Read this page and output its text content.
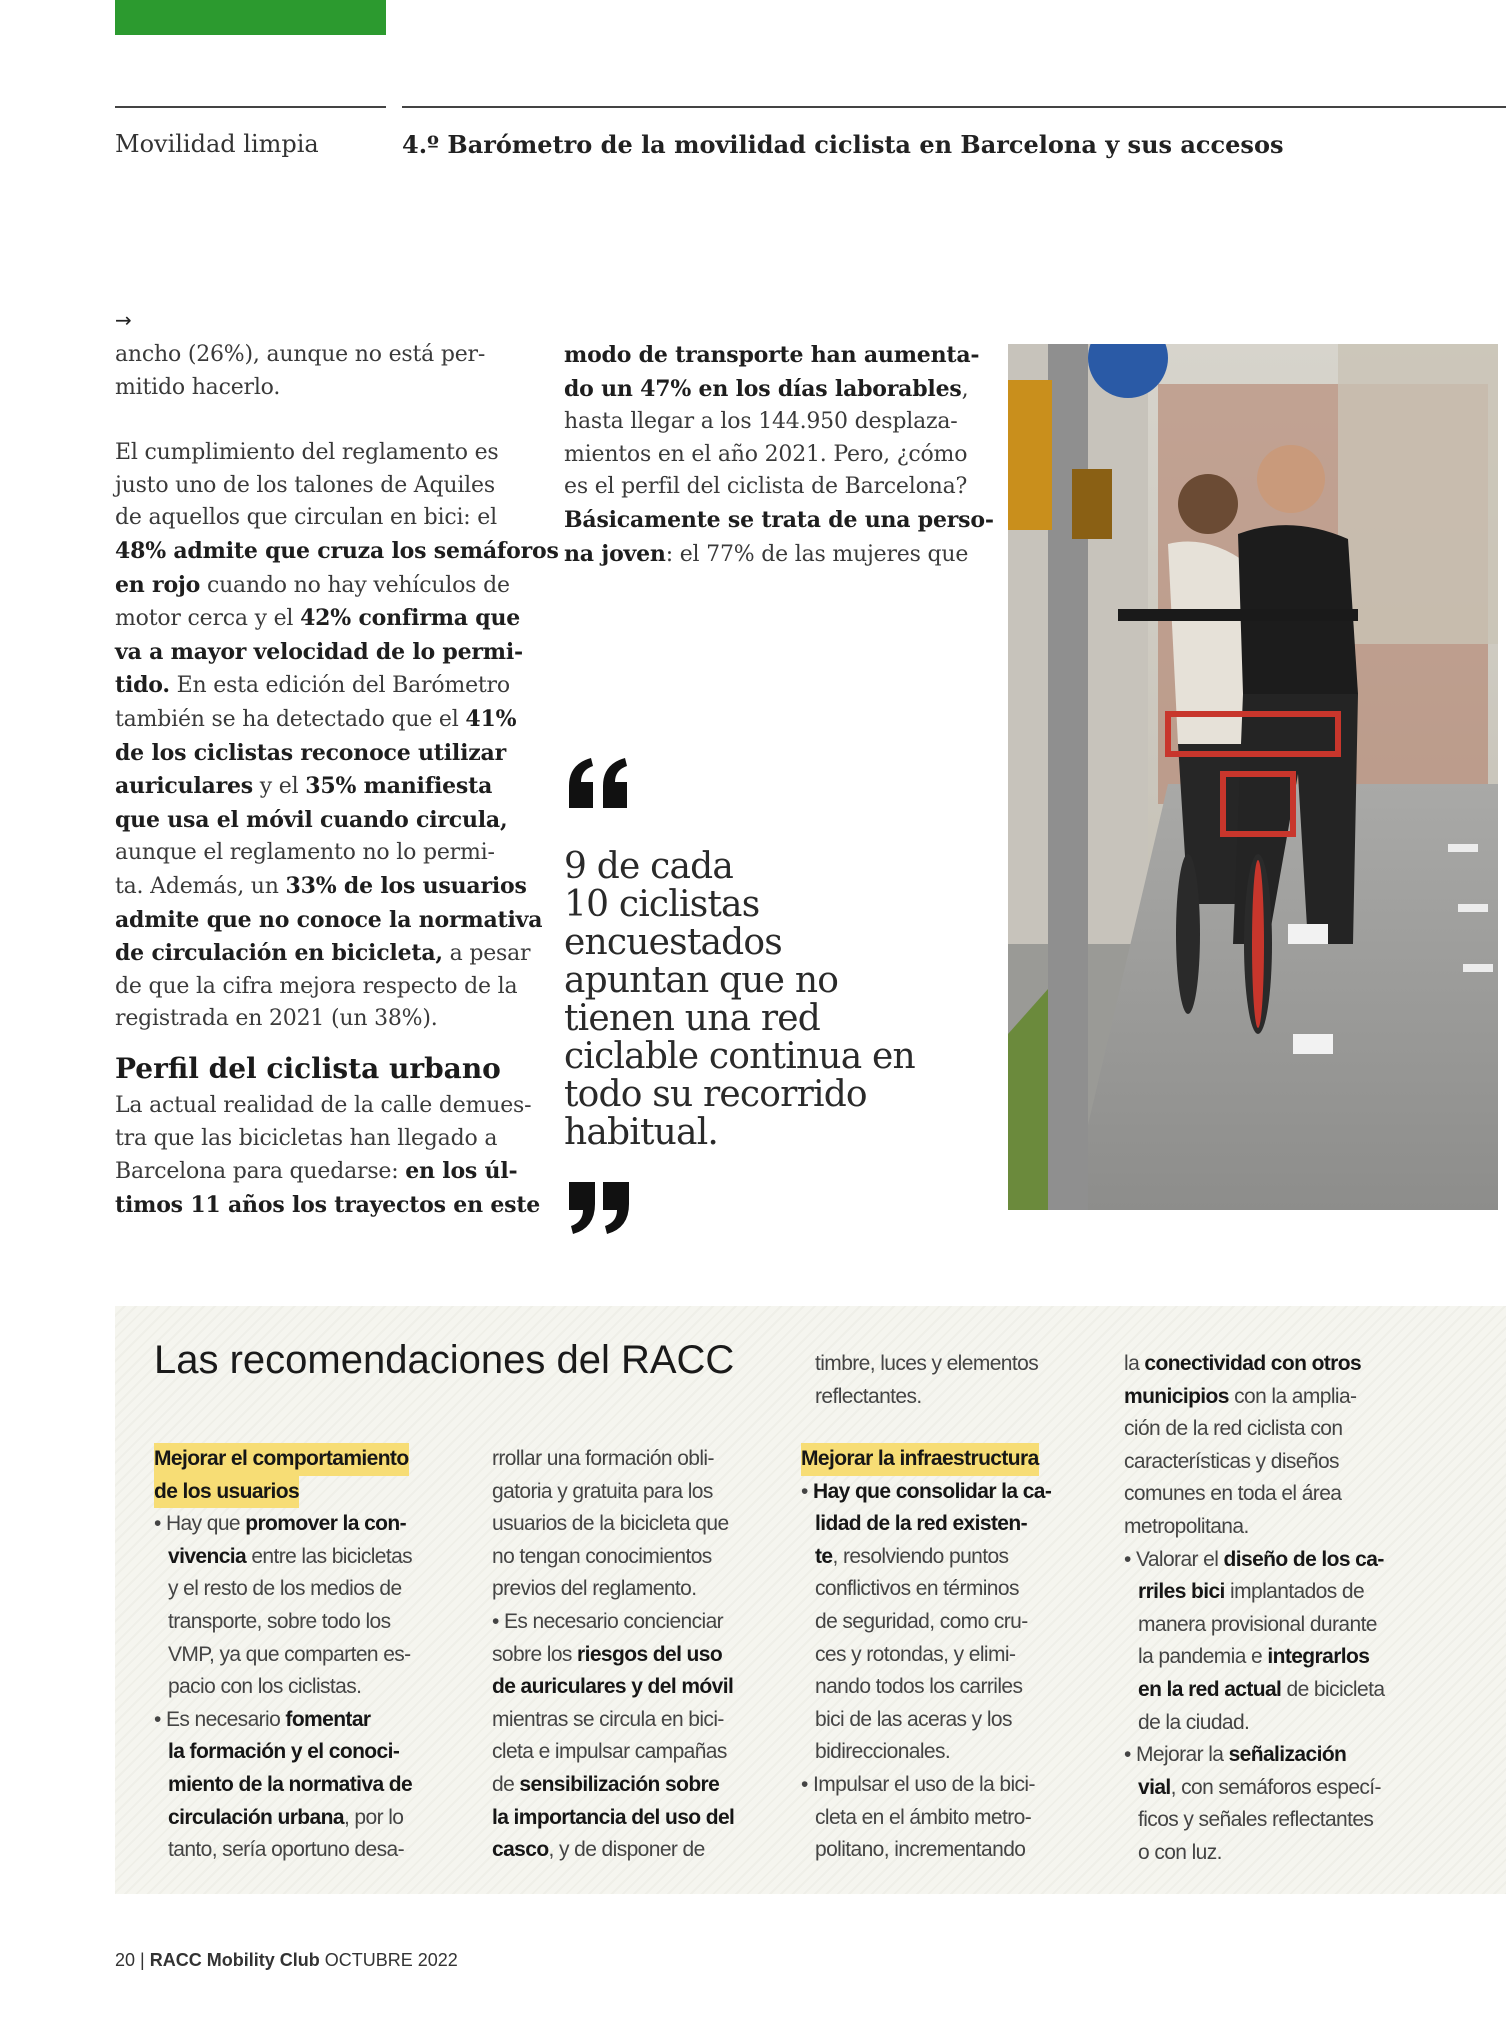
Movilidad limpia	4.º Barómetro de la movilidad ciclista en Barcelona y sus accesos
→

ancho (26%), aunque no está per-

mitido hacerlo.

El cumplimiento del reglamento es

justo uno de los talones de Aquiles

de aquellos que circulan en bici: el

48% admite que cruza los semáforos

en rojo cuando no hay vehículos de

motor cerca y el 42% confirma que

va a mayor velocidad de lo permi-

tido. En esta edición del Barómetro

también se ha detectado que el 41%

de los ciclistas reconoce utilizar

auriculares y el 35% manifiesta

que usa el móvil cuando circula,

aunque el reglamento no lo permi-

ta. Además, un 33% de los usuarios

admite que no conoce la normativa

de circulación en bicicleta, a pesar

de que la cifra mejora respecto de la

registrada en 2021 (un 38%).

Perfil del ciclista urbano

La actual realidad de la calle demues-

tra que las bicicletas han llegado a

Barcelona para quedarse: en los úl-

timos 11 años los trayectos en este

modo de transporte han aumenta-

do un 47% en los días laborables,

hasta llegar a los 144.950 desplaza-

mientos en el año 2021. Pero, ¿cómo

es el perfil del ciclista de Barcelona?

Básicamente se trata de una perso-

na joven: el 77% de las mujeres que

9 de cada

10 ciclistas

encuestados

apuntan que no

tienen una red

ciclable continua en

todo su recorrido

habitual.

Las recomendaciones del RACC

Mejorar el comportamiento

de los usuarios

• Hay que promover la con-

vivencia entre las bicicletas

y el resto de los medios de

transporte, sobre todo los

VMP, ya que comparten es-

pacio con los ciclistas.

• Es necesario fomentar

la formación y el conoci-

miento de la normativa de

circulación urbana, por lo

tanto, sería oportuno desa-

rrollar una formación obli-

gatoria y gratuita para los

usuarios de la bicicleta que

no tengan conocimientos

previos del reglamento.

• Es necesario concienciar

sobre los riesgos del uso

de auriculares y del móvil

mientras se circula en bici-

cleta e impulsar campañas

de sensibilización sobre

la importancia del uso del

casco, y de disponer de

timbre, luces y elementos

reflectantes.

Mejorar la infraestructura

• Hay que consolidar la ca-

lidad de la red existen-

te, resolviendo puntos

conflictivos en términos

de seguridad, como cru-

ces y rotondas, y elimi-

nando todos los carriles

bici de las aceras y los

bidireccionales.

• Impulsar el uso de la bici-

cleta en el ámbito metro-

politano, incrementando

la conectividad con otros

municipios con la amplia-

ción de la red ciclista con

características y diseños

comunes en toda el área

metropolitana.

• Valorar el diseño de los ca-

rriles bici implantados de

manera provisional durante

la pandemia e integrarlos

en la red actual de bicicleta

de la ciudad.

• Mejorar la señalización

vial, con semáforos especí-

ficos y señales reflectantes

o con luz.

20 | RACC Mobility Club OCTUBRE 2022
